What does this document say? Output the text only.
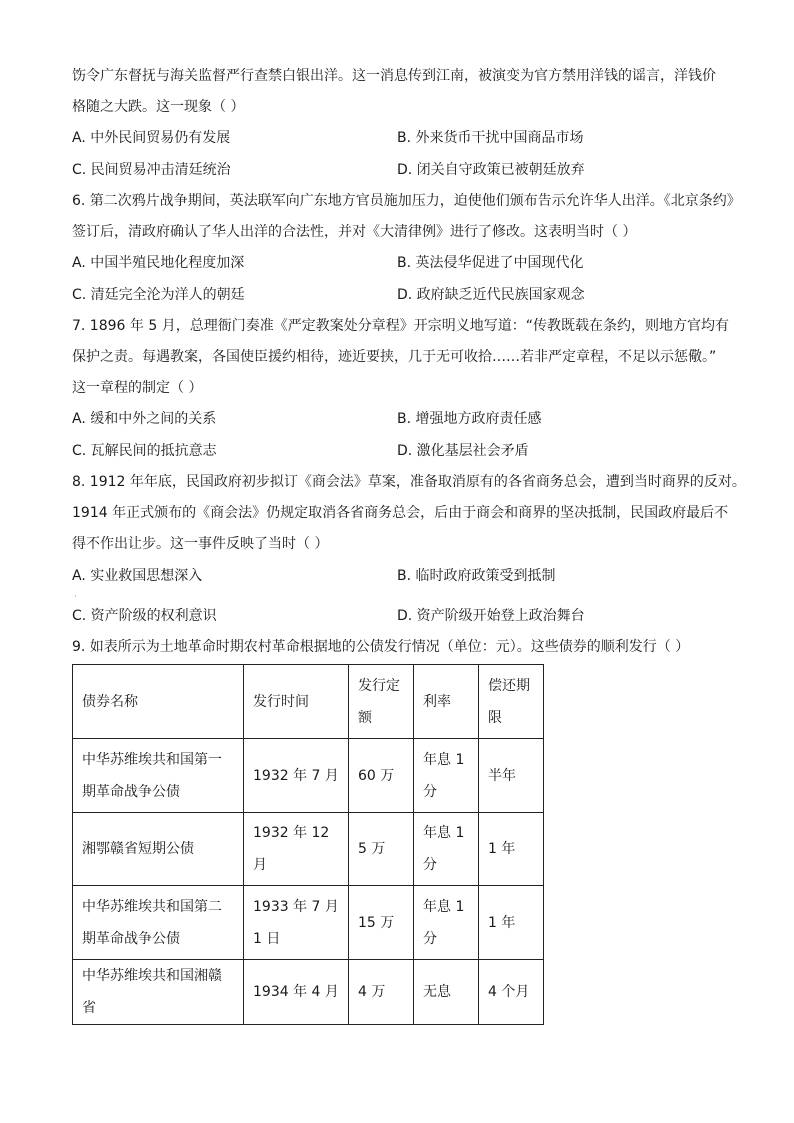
饬令广东督抚与海关监督严行查禁白银出洋。这一消息传到江南，被演变为官方禁用洋钱的谣言，洋钱价
格随之大跌。这一现象（ ）
A. 中外民间贸易仍有发展	B. 外来货币干扰中国商品市场
C. 民间贸易冲击清廷统治	D. 闭关自守政策已被朝廷放弃
6. 第二次鸦片战争期间，英法联军向广东地方官员施加压力，迫使他们颁布告示允许华人出洋。《北京条约》
签订后，清政府确认了华人出洋的合法性，并对《大清律例》进行了修改。这表明当时（ ）
A. 中国半殖民地化程度加深	B. 英法侵华促进了中国现代化
C. 清廷完全沦为洋人的朝廷	D. 政府缺乏近代民族国家观念
7. 1896 年 5 月，总理衙门奏准《严定教案处分章程》开宗明义地写道：“传教既载在条约，则地方官均有
保护之责。每遇教案，各国使臣援约相待，迹近要挟，几于无可收拾……若非严定章程，不足以示惩儆。”
这一章程的制定（ ）
A. 缓和中外之间的关系	B. 增强地方政府责任感
C. 瓦解民间的抵抗意志	D. 激化基层社会矛盾
8. 1912 年年底，民国政府初步拟订《商会法》草案，准备取消原有的各省商务总会，遭到当时商界的反对。
1914 年正式颁布的《商会法》仍规定取消各省商务总会，后由于商会和商界的坚决抵制，民国政府最后不
得不作出让步。这一事件反映了当时（ ）
A. 实业救国思想深入	B. 临时政府政策受到抵制
·
C. 资产阶级的权利意识	D. 资产阶级开始登上政治舞台
9. 如表所示为土地革命时期农村革命根据地的公债发行情况（单位：元）。这些债券的顺利发行（ ）
债券名称	发行时间	发行定额	利率	偿还期限
中华苏维埃共和国第一期革命战争公债	1932 年 7 月	60 万	年息 1 分	半年
湘鄂赣省短期公债	1932 年 12 月	5 万	年息 1 分	1 年
中华苏维埃共和国第二期革命战争公债	1933 年 7 月 1 日	15 万	年息 1 分	1 年
中华苏维埃共和国湘赣省	1934 年 4 月	4 万	无息	4 个月
